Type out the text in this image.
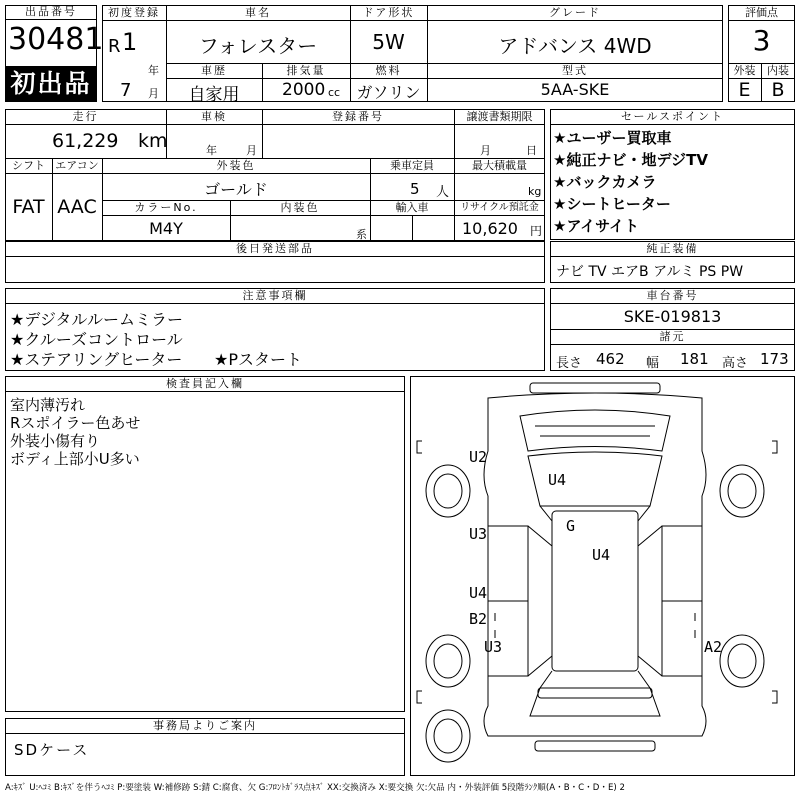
出品番号
30481
初出品
初度登録
R 1
年
7 月
車名
フォレスター
ドア形状
5W
グレード
アドバンス 4WD
車歴
自家用
排気量
2000 cc
燃料
ガソリン
型式
5AA-SKE
評価点
3
外装	内装
E	B
走行
61,229 km
車検
年	月
登録番号	譲渡書類期限
月	日
シフト
FAT
エアコン
AAC
外装色
ゴールド
乗車定員
5 人
最大積載量
kg
カラーNo.
M4Y
内装色
系
輸入車	リサイクル預託金
10,620 円
後日発送部品
セールスポイント
★ユーザー買取車
★純正ナビ・地デジTV
★バックカメラ
★シートヒーター
★アイサイト
純正装備
ナビ TV エアB アルミ PS PW
注意事項欄
★デジタルルームミラー
★クルーズコントロール
★ステアリングヒーター ★Pスタート
車台番号
SKE-019813
諸元
長さ 462 幅 181 高さ 173
検査員記入欄
室内薄汚れ
Rスポイラー色あせ
外装小傷有り
ボディ上部小U多い	U2
U4
G
U4
U3
U4
B2
U3	A2
事務局よりご案内
SDケース
A:ｷｽﾞ U:ﾍｺﾐ B:ｷｽﾞを伴うﾍｺﾐ P:要塗装 W:補修跡 S:錆 C:腐食、欠 G:ﾌﾛﾝﾄｶﾞﾗｽ点ｷｽﾞ XX:交換済み X:要交換 欠:欠品 内・外装評価 5段階ﾗﾝｸ順(A・B・C・D・E) 2
